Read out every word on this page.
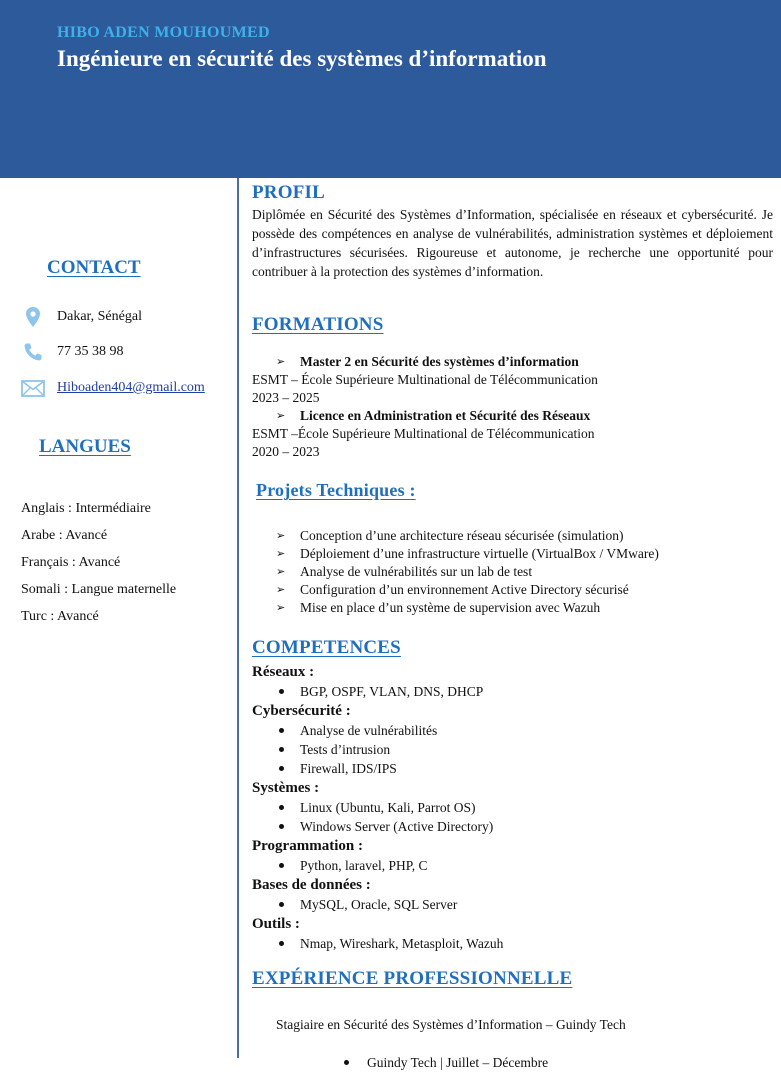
HIBO ADEN MOUHOUMED
Ingénieure en sécurité des systèmes d’information
CONTACT
Dakar, Sénégal
77 35 38 98
Hiboaden404@gmail.com
LANGUES
Anglais : Intermédiaire
Arabe : Avancé
Français : Avancé
Somali : Langue maternelle
Turc : Avancé
PROFIL
Diplômée en Sécurité des Systèmes d’Information, spécialisée en réseaux et cybersécurité. Je possède des compétences en analyse de vulnérabilités, administration systèmes et déploiement d’infrastructures sécurisées. Rigoureuse et autonome, je recherche une opportunité pour contribuer à la protection des systèmes d’information.
FORMATIONS
➢	Master 2 en Sécurité des systèmes d’information
ESMT – École Supérieure Multinational de Télécommunication
2023 – 2025
➢	Licence en Administration et Sécurité des Réseaux
ESMT –École Supérieure Multinational de Télécommunication
2020 – 2023
Projets Techniques :
➢	Conception d’une architecture réseau sécurisée (simulation)
➢	Déploiement d’une infrastructure virtuelle (VirtualBox / VMware)
➢	Analyse de vulnérabilités sur un lab de test
➢	Configuration d’un environnement Active Directory sécurisé
➢	Mise en place d’un système de supervision avec Wazuh
COMPETENCES
Réseaux :
BGP, OSPF, VLAN, DNS, DHCP
Cybersécurité :
Analyse de vulnérabilités
Tests d’intrusion
Firewall, IDS/IPS
Systèmes :
Linux (Ubuntu, Kali, Parrot OS)
Windows Server (Active Directory)
Programmation :
Python, laravel, PHP, C
Bases de données :
MySQL, Oracle, SQL Server
Outils :
Nmap, Wireshark, Metasploit, Wazuh
EXPÉRIENCE PROFESSIONNELLE
Stagiaire en Sécurité des Systèmes d’Information – Guindy Tech
Guindy Tech | Juillet – Décembre
